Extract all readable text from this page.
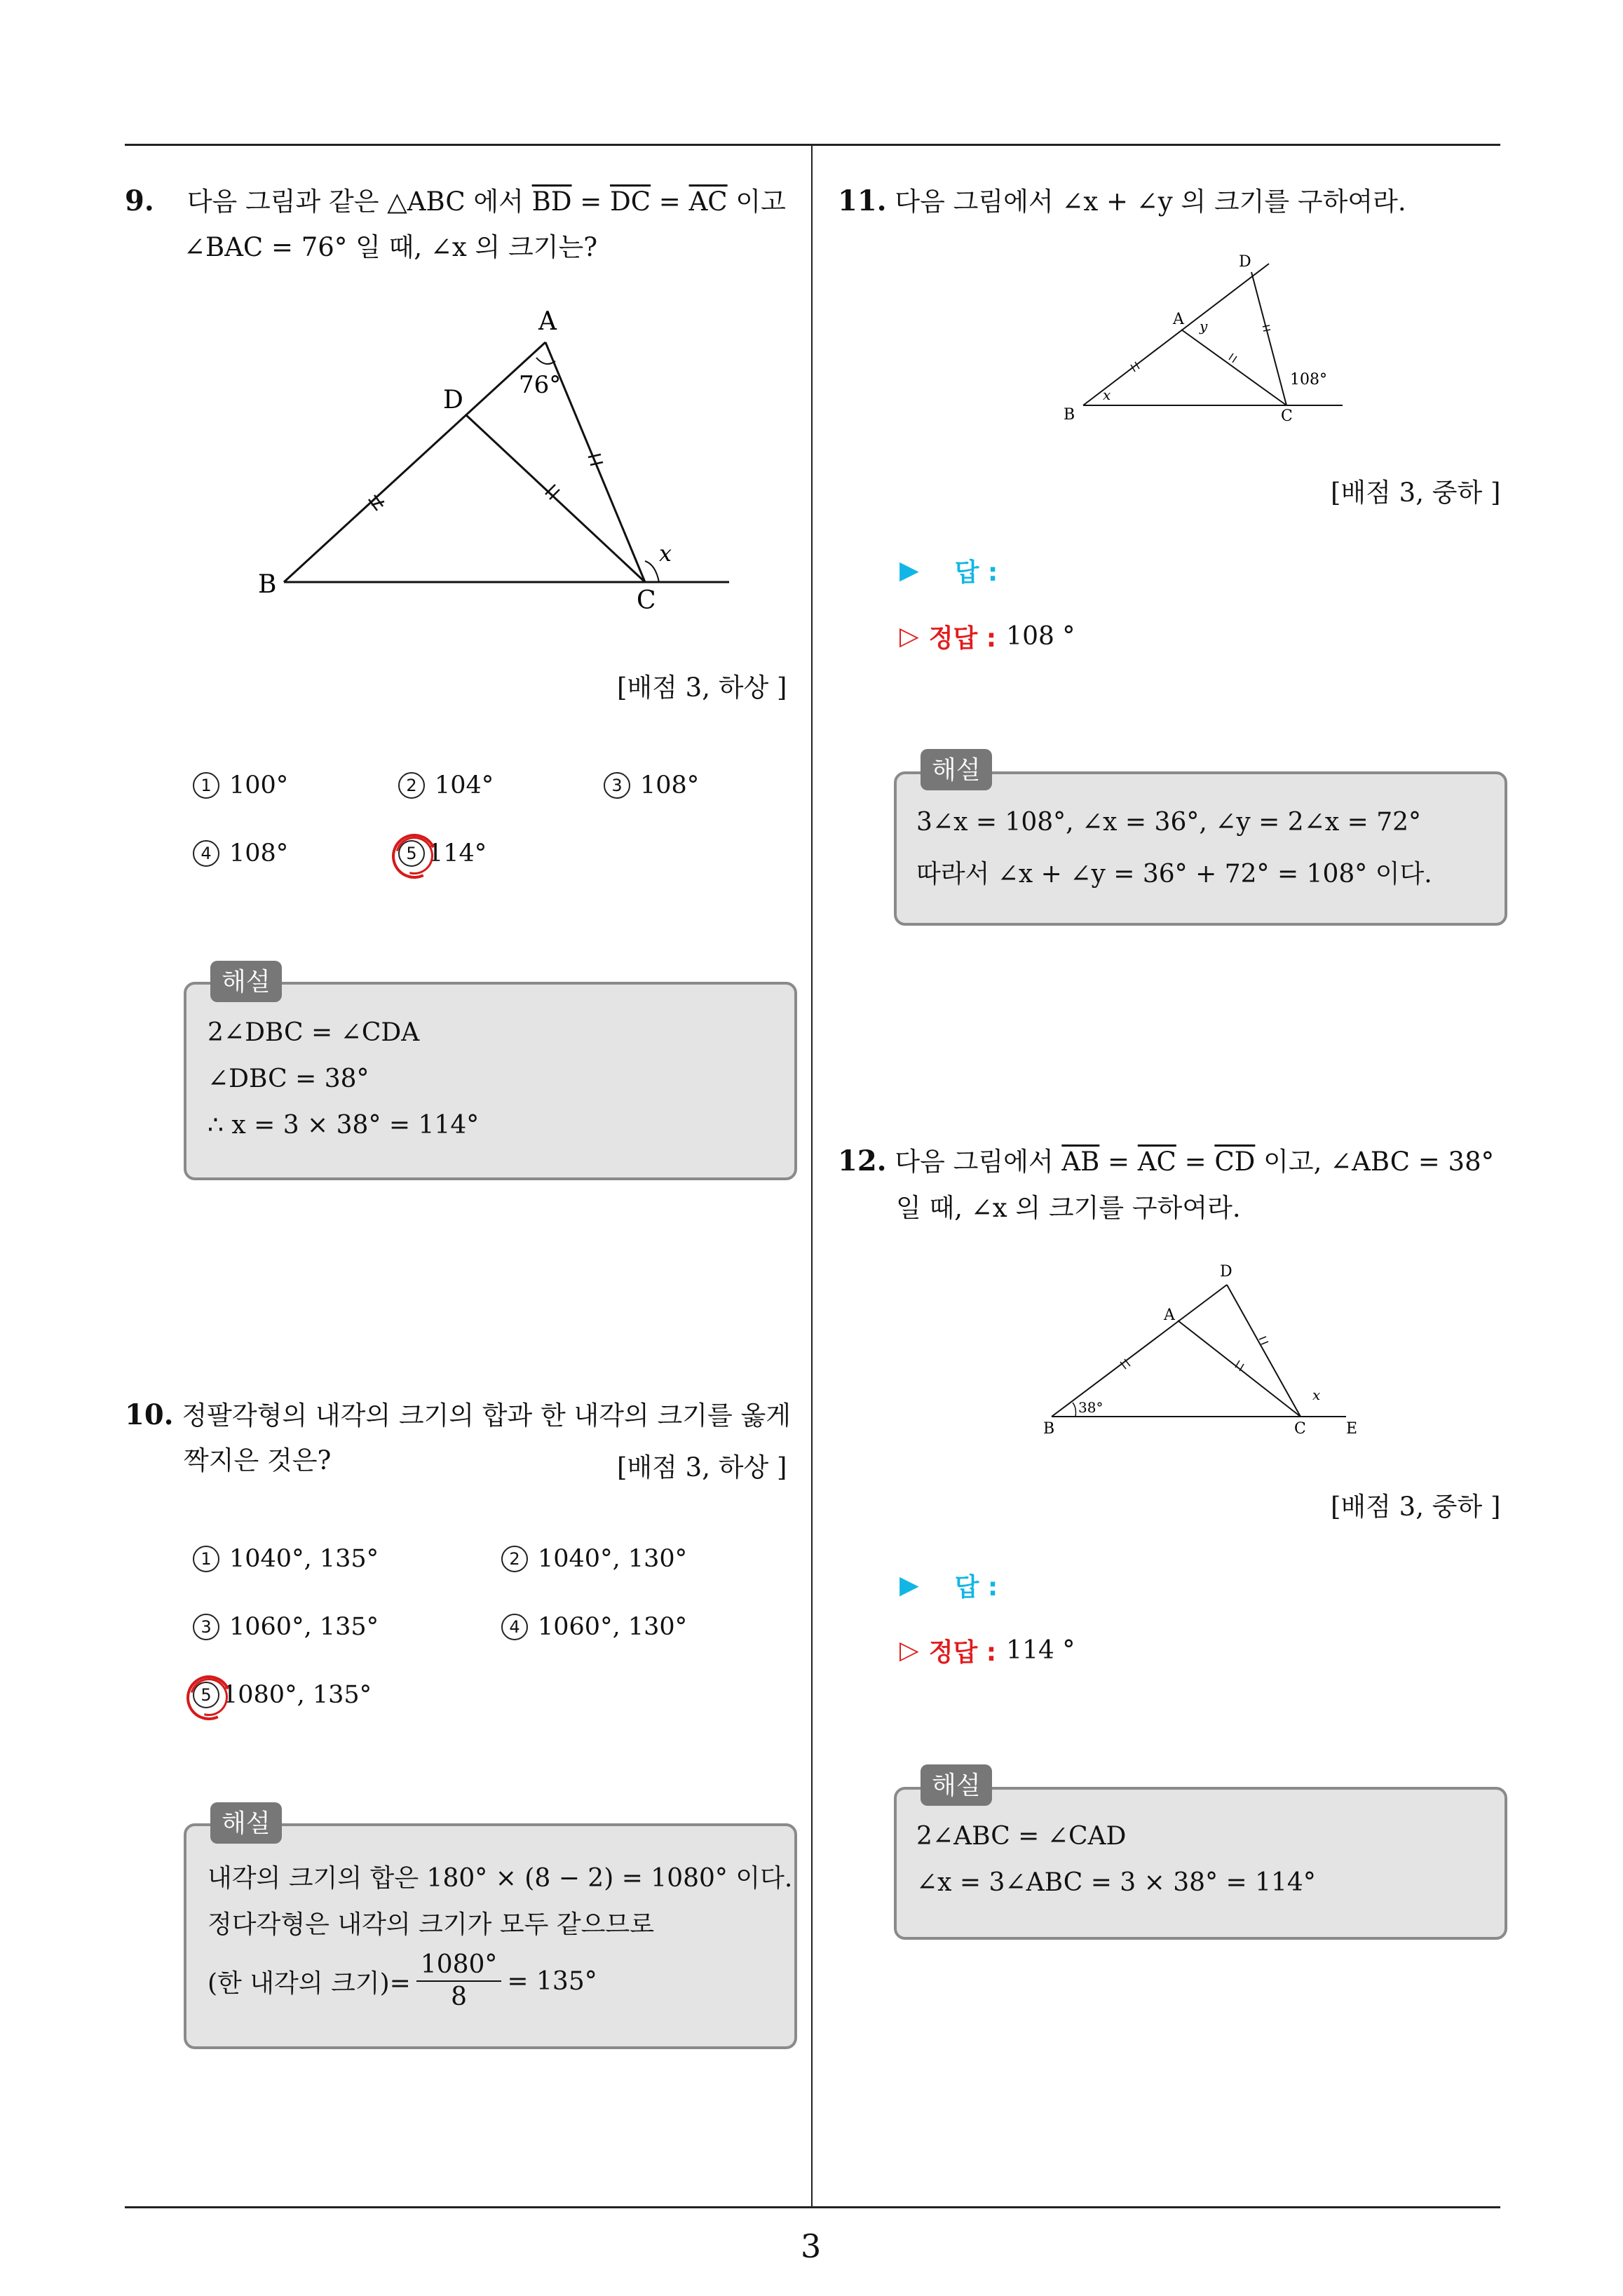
3
9. 다음 그림과 같은 △ABC 에서 $\overline{BD} = \overline{DC} = \overline{AC}$ 이고
∠BAC = 76° 일 때, ∠x 의 크기는?
A
D
B
C
76°
x
[배점 3, 하상 ]
1 100°	2 104°	3 108°
4 108°	5 114°
해설
2∠DBC = ∠CDA
∠DBC = 38°
∴ x = 3 × 38° = 114°
10. 정팔각형의 내각의 크기의 합과 한 내각의 크기를 옳게
짝지은 것은?	[배점 3, 하상 ]
1 1040°, 135°	2 1040°, 130°
3 1060°, 135°	4 1060°, 130°
5 1080°, 135°
해설
내각의 크기의 합은 180° × (8 − 2) = 1080° 이다.
정다각형은 내각의 크기가 모두 같으므로
(한 내각의 크기)= $\frac{1080^\circ}{8} = 135^\circ$
11. 다음 그림에서 ∠x + ∠y 의 크기를 구하여라.
A y
D
B
x
C
108°
[배점 3, 중하 ]
▶
답 :
▷ 정답 : 108 °
해설
3∠x = 108°, ∠x = 36°, ∠y = 2∠x = 72°
따라서 ∠x + ∠y = 36° + 72° = 108° 이다.
12. 다음 그림에서 $\overline{AB} = \overline{AC} = \overline{CD}$ 이고, ∠ABC = 38°
일 때, ∠x 의 크기를 구하여라.
D
A
B
38°
C	E
x
[배점 3, 중하 ]
▶
답 :
▷ 정답 : 114 °
해설
2∠ABC = ∠CAD
∠x = 3∠ABC = 3 × 38° = 114°
